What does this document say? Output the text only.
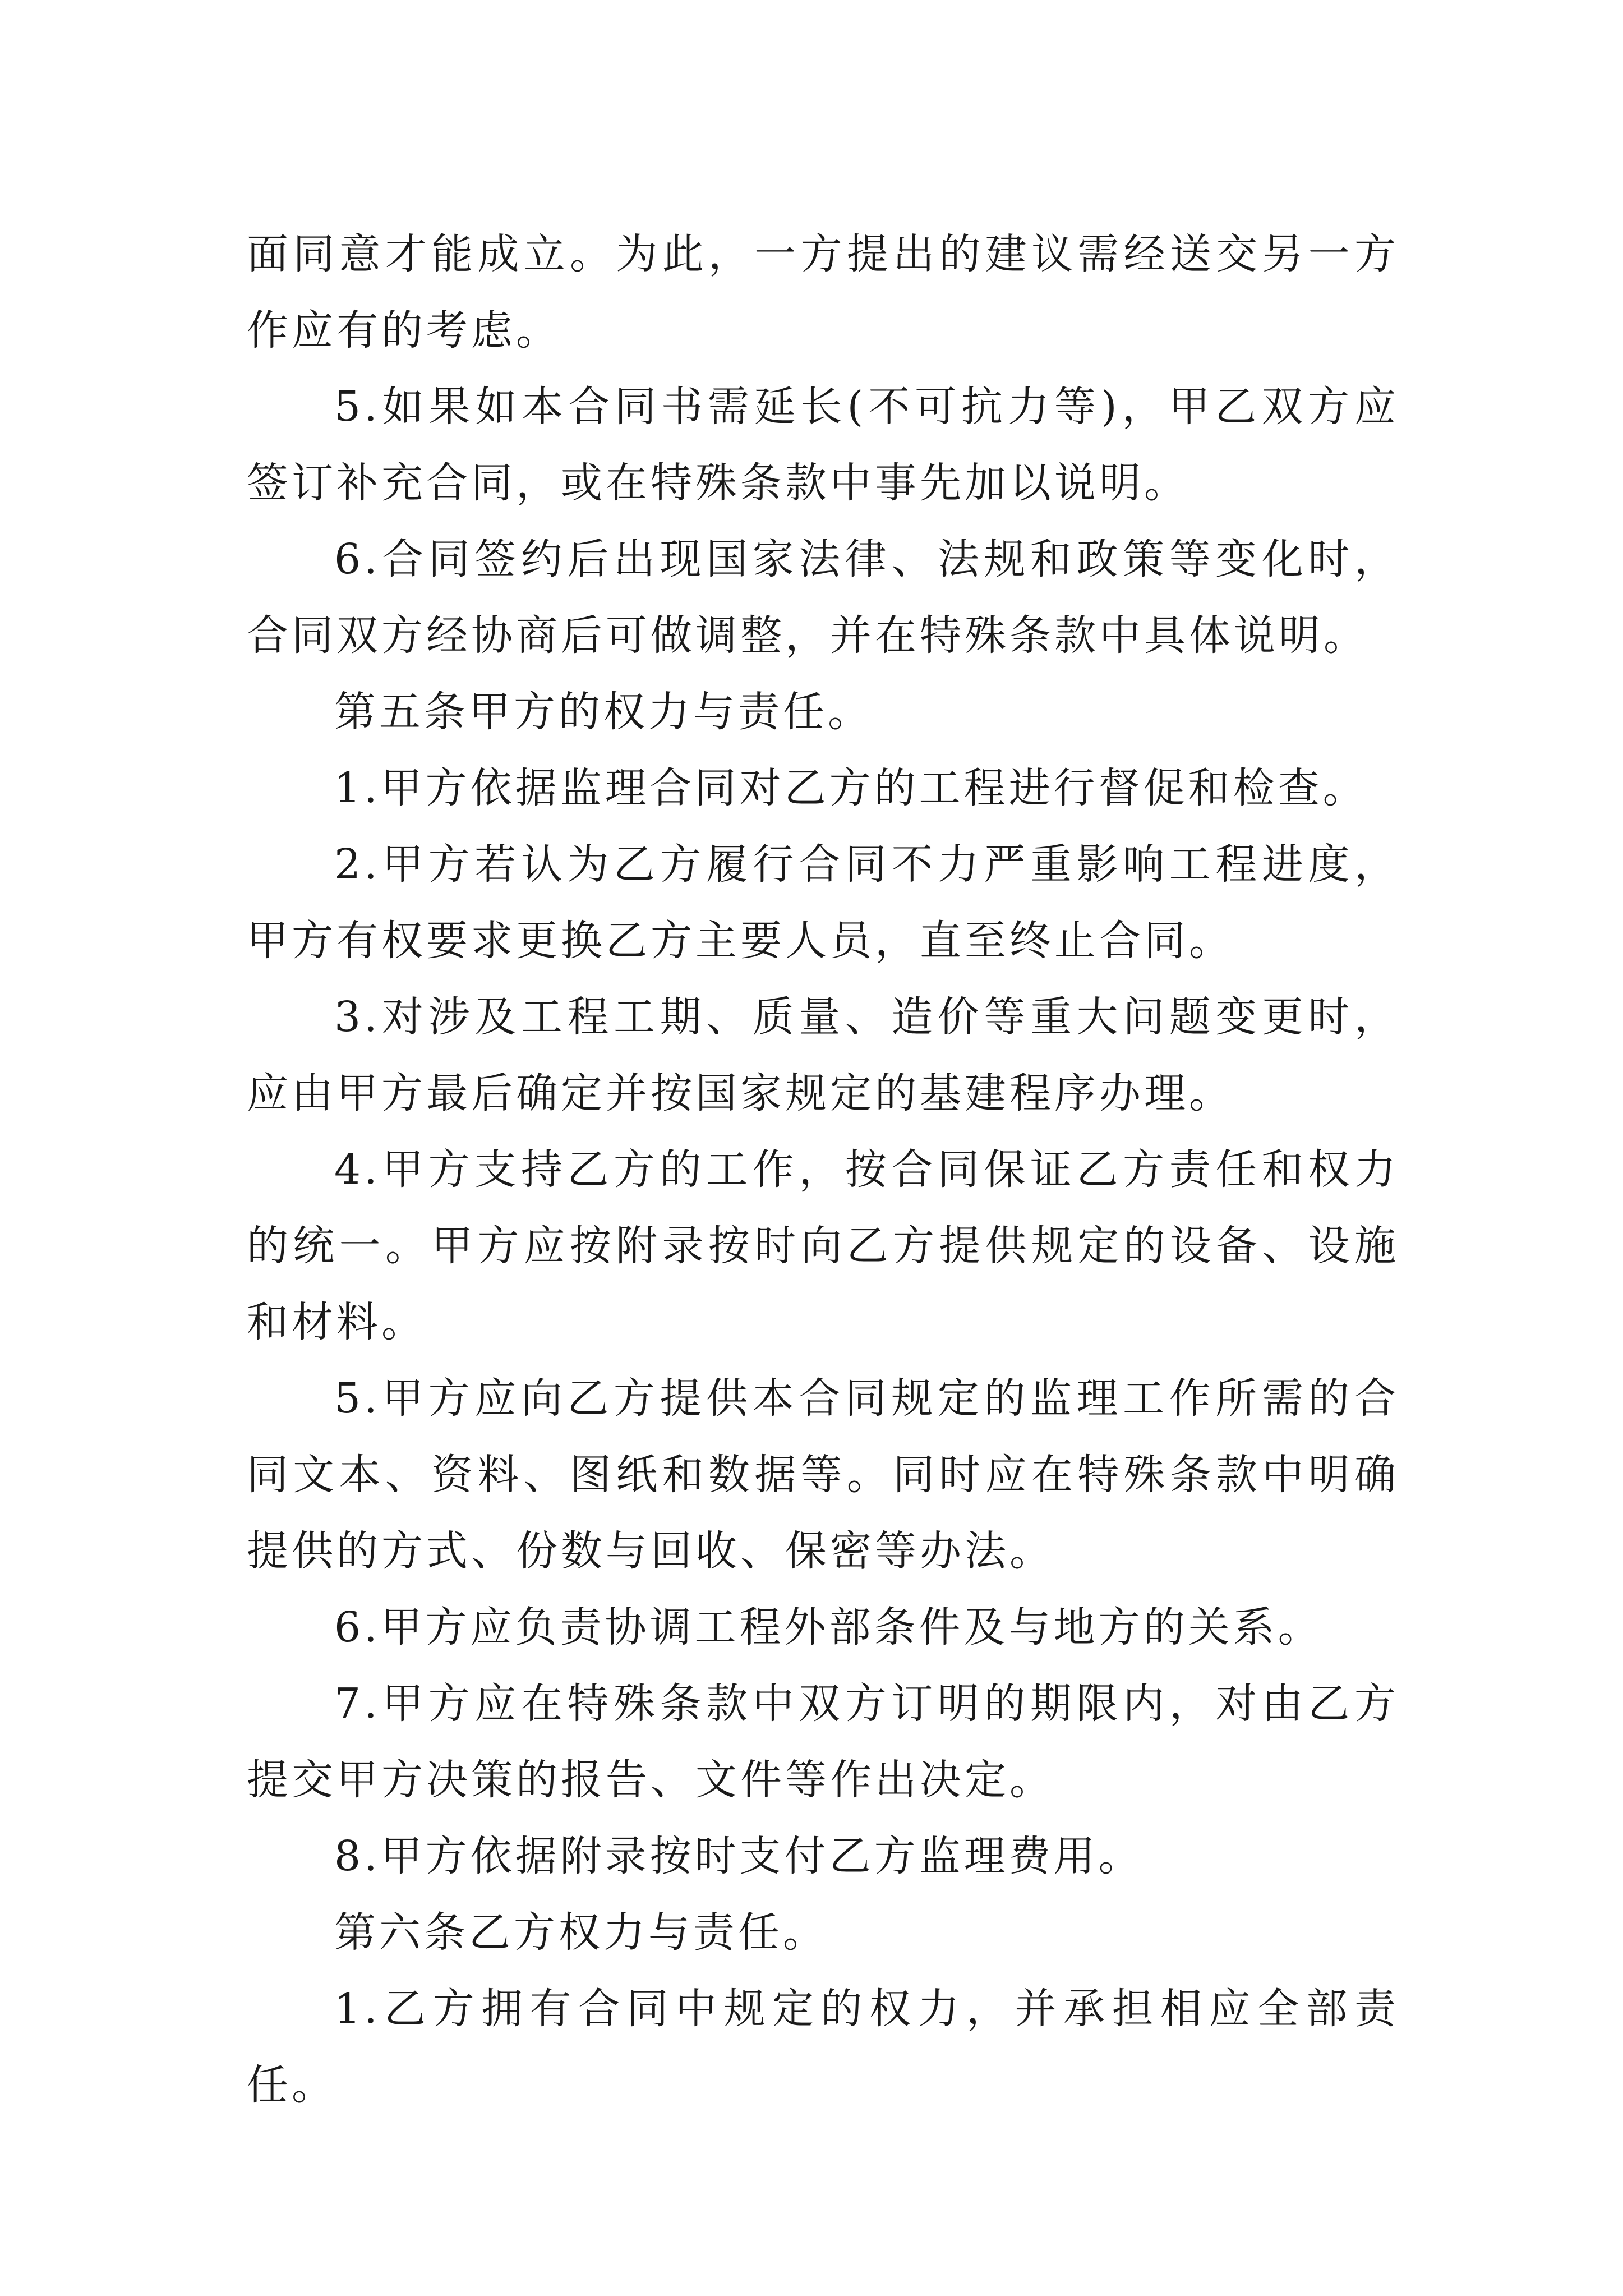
面同意才能成立。为此，一方提出的建议需经送交另一方作应有的考虑。

5.如果如本合同书需延长(不可抗力等)，甲乙双方应签订补充合同，或在特殊条款中事先加以说明。

6.合同签约后出现国家法律、法规和政策等变化时，合同双方经协商后可做调整，并在特殊条款中具体说明。

第五条甲方的权力与责任。

1.甲方依据监理合同对乙方的工程进行督促和检查。

2.甲方若认为乙方履行合同不力严重影响工程进度，甲方有权要求更换乙方主要人员，直至终止合同。

3.对涉及工程工期、质量、造价等重大问题变更时，应由甲方最后确定并按国家规定的基建程序办理。

4.甲方支持乙方的工作，按合同保证乙方责任和权力的统一。甲方应按附录按时向乙方提供规定的设备、设施和材料。

5.甲方应向乙方提供本合同规定的监理工作所需的合同文本、资料、图纸和数据等。同时应在特殊条款中明确提供的方式、份数与回收、保密等办法。

6.甲方应负责协调工程外部条件及与地方的关系。

7.甲方应在特殊条款中双方订明的期限内，对由乙方提交甲方决策的报告、文件等作出决定。

8.甲方依据附录按时支付乙方监理费用。

第六条乙方权力与责任。

1.乙方拥有合同中规定的权力，并承担相应全部责任。
